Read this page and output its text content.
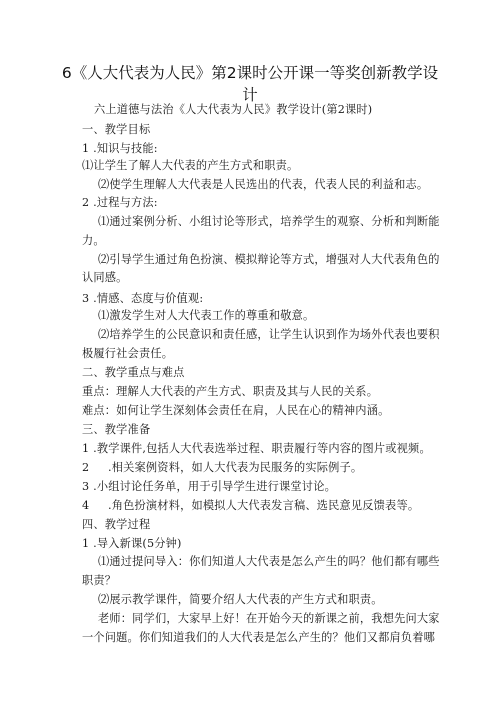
6《人大代表为人民》第2课时公开课一等奖创新教学设
计
六上道德与法治《人大代表为人民》教学设计(第2课时)
一、教学目标
1 .知识与技能:
⑴让学生了解人大代表的产生方式和职责。
⑵使学生理解人大代表是人民选出的代表，代表人民的利益和志。
2 .过程与方法:
⑴通过案例分析、小组讨论等形式，培养学生的观察、分析和判断能
力。
⑵引导学生通过角色扮演、模拟辩论等方式，增强对人大代表角色的
认同感。
3 .情感、态度与价值观:
⑴激发学生对人大代表工作的尊重和敬意。
⑵培养学生的公民意识和责任感，让学生认识到作为场外代表也要积
极履行社会责任。
二、教学重点与难点
重点：理解人大代表的产生方式、职责及其与人民的关系。
难点：如何让学生深刻体会责任在肩，人民在心的精神内涵。
三、教学准备
1 .教学课件,包括人大代表选举过程、职责履行等内容的图片或视频。
2 .相关案例资料，如人大代表为民服务的实际例子。
3 .小组讨论任务单，用于引导学生进行课堂讨论。
4 .角色扮演材料，如模拟人大代表发言稿、选民意见反馈表等。
四、教学过程
1 .导入新课(5分钟)
⑴通过提问导入：你们知道人大代表是怎么产生的吗？他们都有哪些
职责？
⑵展示教学课件，简要介绍人大代表的产生方式和职责。
老师：同学们，大家早上好！在开始今天的新课之前，我想先问大家
一个问题。你们知道我们的人大代表是怎么产生的？他们又都肩负着哪
